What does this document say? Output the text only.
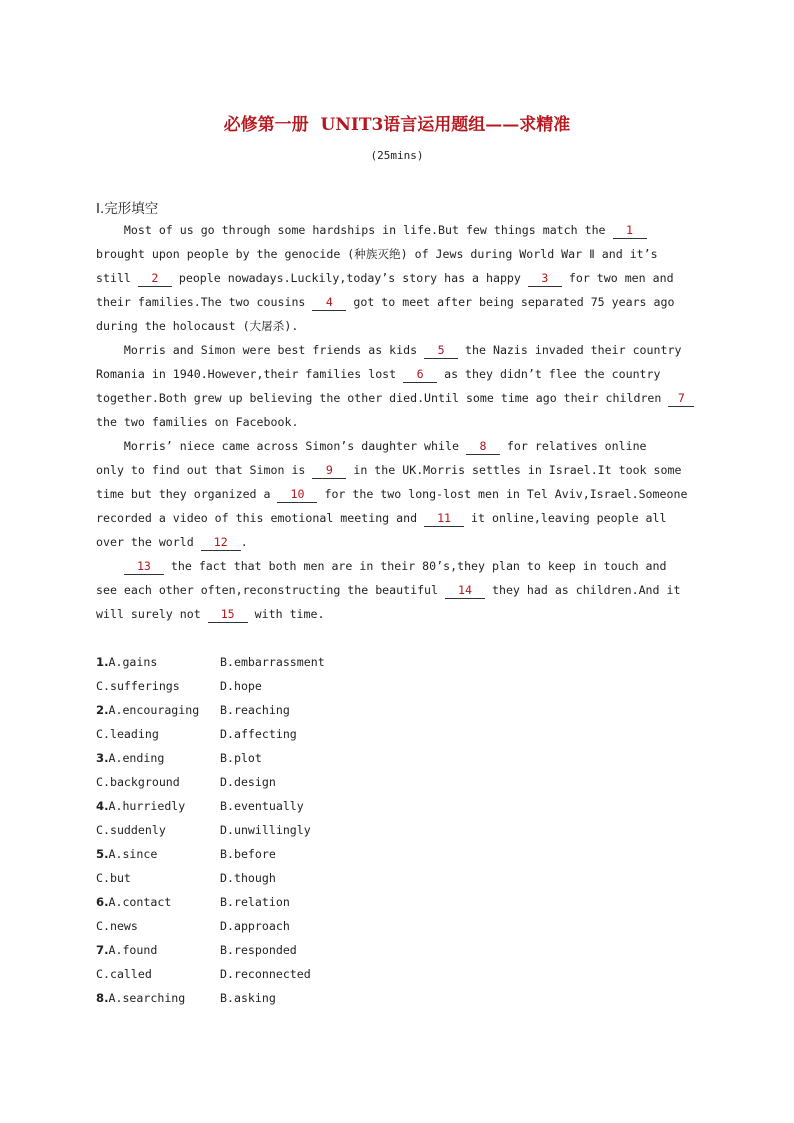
必修第一册  UNIT3语言运用题组——求精准
(25mins)
Ⅰ.完形填空
Most of us go through some hardships in life.But few things match the 1
brought upon people by the genocide (种族灭绝) of Jews during World War Ⅱ and it’s
still 2 people nowadays.Luckily,today’s story has a happy 3 for two men and
their families.The two cousins 4 got to meet after being separated 75 years ago
during the holocaust (大屠杀).
Morris and Simon were best friends as kids 5 the Nazis invaded their country
Romania in 1940.However,their families lost 6 as they didn’t flee the country
together.Both grew up believing the other died.Until some time ago their children 7
the two families on Facebook.
Morris’ niece came across Simon’s daughter while 8 for relatives online
only to find out that Simon is 9 in the UK.Morris settles in Israel.It took some
time but they organized a 10 for the two long-lost men in Tel Aviv,Israel.Someone
recorded a video of this emotional meeting and 11 it online,leaving people all
over the world 12 .
13 the fact that both men are in their 80’s,they plan to keep in touch and
see each other often,reconstructing the beautiful 14 they had as children.And it
will surely not 15 with time.
1.A.gains	B.embarrassment
C.sufferings	D.hope
2.A.encouraging B.reaching
C.leading	D.affecting
3.A.ending	B.plot
C.background	D.design
4.A.hurriedly	B.eventually
C.suddenly	D.unwillingly
5.A.since	B.before
C.but	D.though
6.A.contact	B.relation
C.news	D.approach
7.A.found	B.responded
C.called	D.reconnected
8.A.searching	B.asking
